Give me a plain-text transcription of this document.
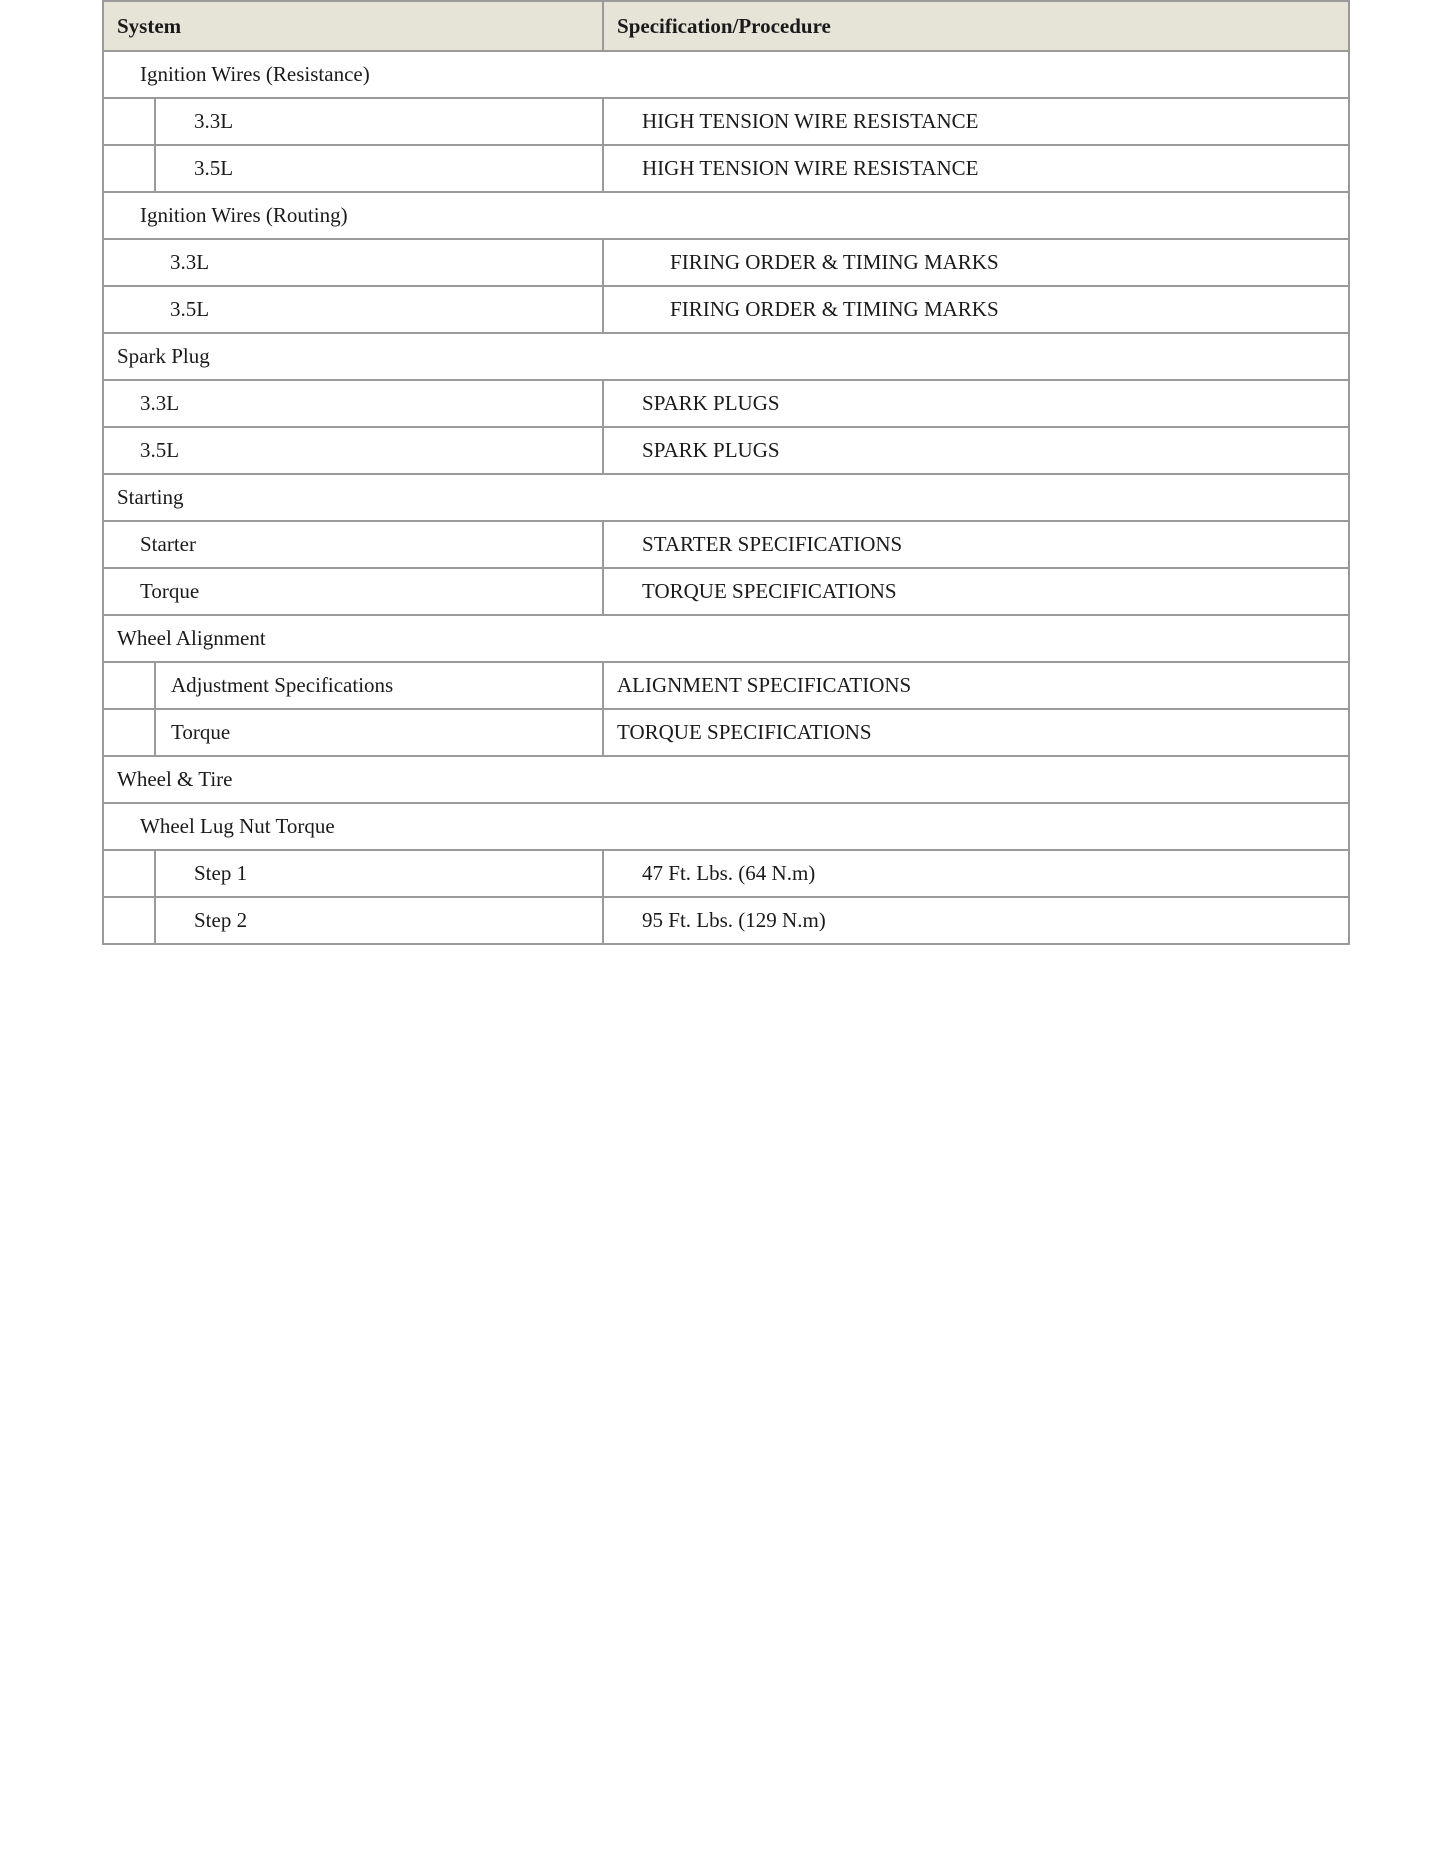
System		Specification/Procedure
Ignition Wires (Resistance)		
	3.3L	HIGH TENSION WIRE RESISTANCE
	3.5L	HIGH TENSION WIRE RESISTANCE
Ignition Wires (Routing)		
3.3L		FIRING ORDER & TIMING MARKS
3.5L		FIRING ORDER & TIMING MARKS
Spark Plug		
3.3L		SPARK PLUGS
3.5L		SPARK PLUGS
Starting		
Starter		STARTER SPECIFICATIONS
Torque		TORQUE SPECIFICATIONS
Wheel Alignment		
	Adjustment Specifications	ALIGNMENT SPECIFICATIONS
	Torque	TORQUE SPECIFICATIONS
Wheel & Tire		
Wheel Lug Nut Torque		
	Step 1	47 Ft. Lbs. (64 N.m)
	Step 2	95 Ft. Lbs. (129 N.m)
